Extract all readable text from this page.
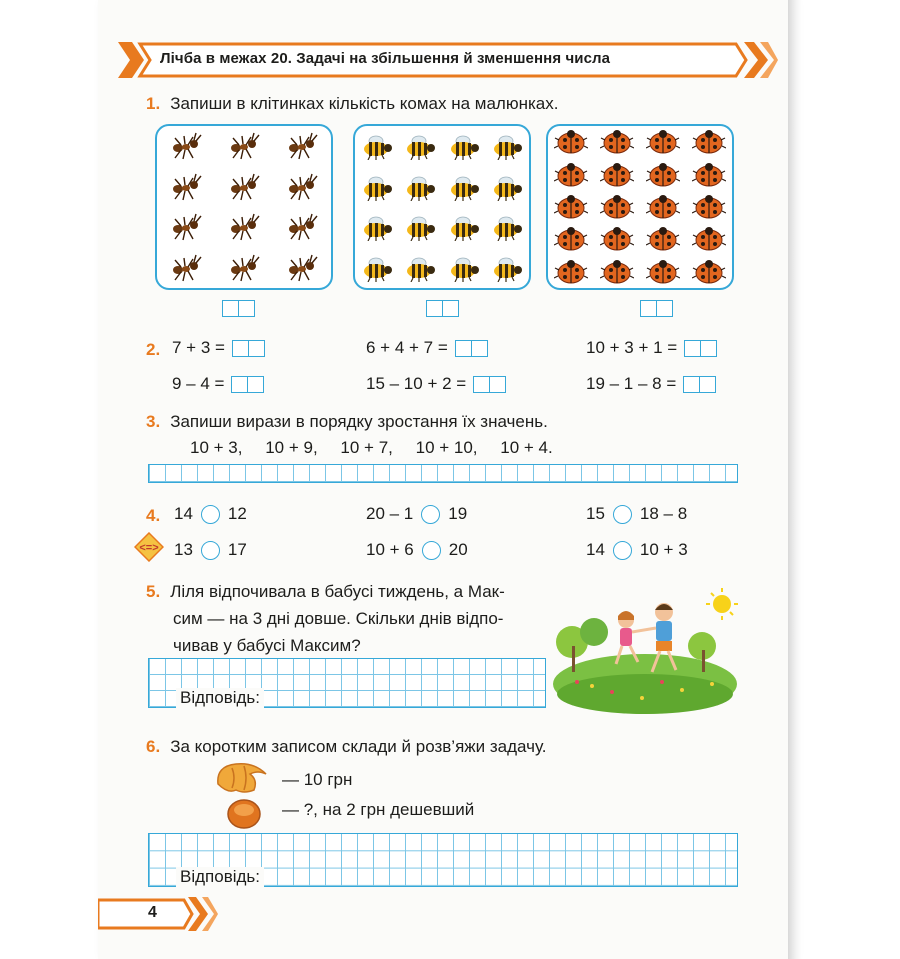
Лічба в межах 20. Задачі на збільшення й зменшення числа
1. Запиши в клітинках кількість комах на малюнках.
2. 7 + 3 =	6 + 4 + 7 =	10 + 3 + 1 =
9 – 4 =	15 – 10 + 2 =	19 – 1 – 8 =
3. Запиши вирази в порядку зростання їх значень.
10 + 3, 10 + 9, 10 + 7, 10 + 10, 10 + 4.
4.
<=>
14 12	20 – 1 19	15 18 – 8
13 17	10 + 6 20	14 10 + 3
5. Ліля відпочивала в бабусі тиждень, а Мак-
сим — на 3 дні довше. Скільки днів відпо-
чивав у бабусі Максим?
Відповідь:
6. За коротким записом склади й розв’яжи задачу.
— 10 грн
— ?, на 2 грн дешевший
Відповідь:
4
